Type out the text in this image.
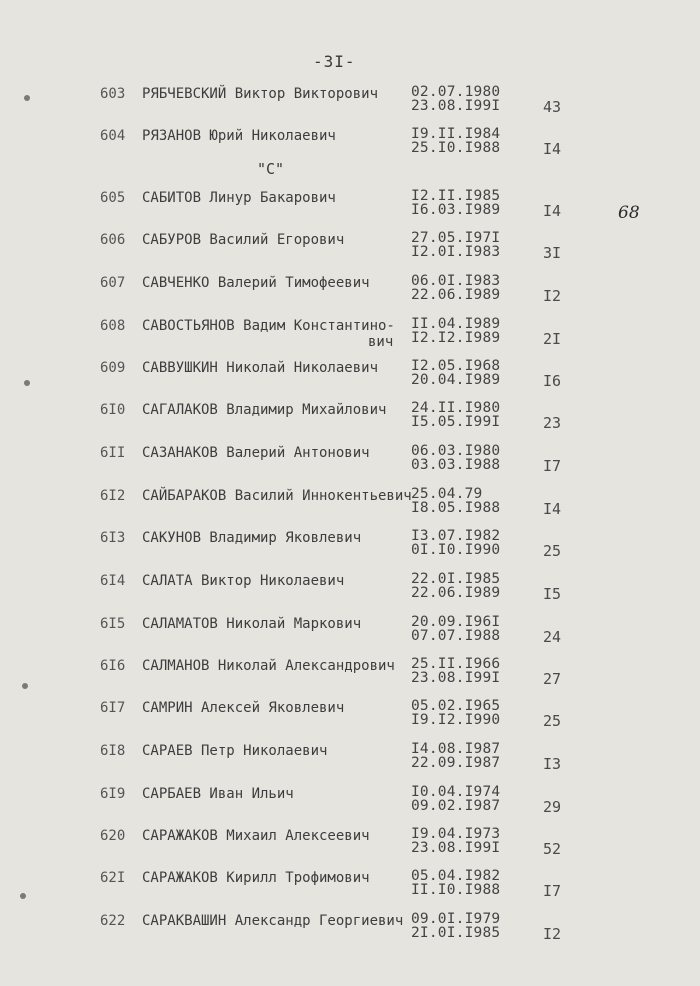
-3I-
"С"
68
603	РЯБЧЕВСКИЙ Виктор Викторович 02.07.1980
23.08.I99I	43
604	РЯЗАНОВ Юрий Николаевич	I9.II.I984
25.I0.I988	I4
605	САБИТОВ Линур Бакарович	I2.II.I985
I6.03.I989	I4
606	САБУРОВ Василий Егорович	27.05.I97I
I2.0I.I983	3I
607	САВЧЕНКО Валерий Тимофеевич	06.0I.I983
22.06.I989	I2
608	САВОСТЬЯНОВ Вадим Константино-
вич
II.04.I989
I2.I2.I989	2I
609	САВВУШКИН Николай Николаевич I2.05.I968
20.04.I989	I6
6I0	САГАЛАКОВ Владимир Михайлович 24.II.I980
I5.05.I99I	23
6II	САЗАНАКОВ Валерий Антонович	06.03.I980
03.03.I988	I7
6I2	САЙБАРАКОВ Василий Иннокентьевич 25.04.79
I8.05.I988	I4
6I3	САКУНОВ Владимир Яковлевич	I3.07.I982
0I.I0.I990	25
6I4	САЛАТА Виктор Николаевич	22.0I.I985
22.06.I989	I5
6I5	САЛАМАТОВ Николай Маркович	20.09.I96I
07.07.I988	24
6I6	САЛМАНОВ Николай Александрович 25.II.I966
23.08.I99I	27
6I7	САМРИН Алексей Яковлевич	05.02.I965
I9.I2.I990	25
6I8	САРАЕВ Петр Николаевич	I4.08.I987
22.09.I987	I3
6I9	САРБАЕВ Иван Ильич	I0.04.I974
09.02.I987	29
620	САРАЖАКОВ Михаил Алексеевич	I9.04.I973
23.08.I99I	52
62I	САРАЖАКОВ Кирилл Трофимович	05.04.I982
II.I0.I988	I7
622	САРАКВАШИН Александр Георгиевич 09.0I.I979
2I.0I.I985	I2
